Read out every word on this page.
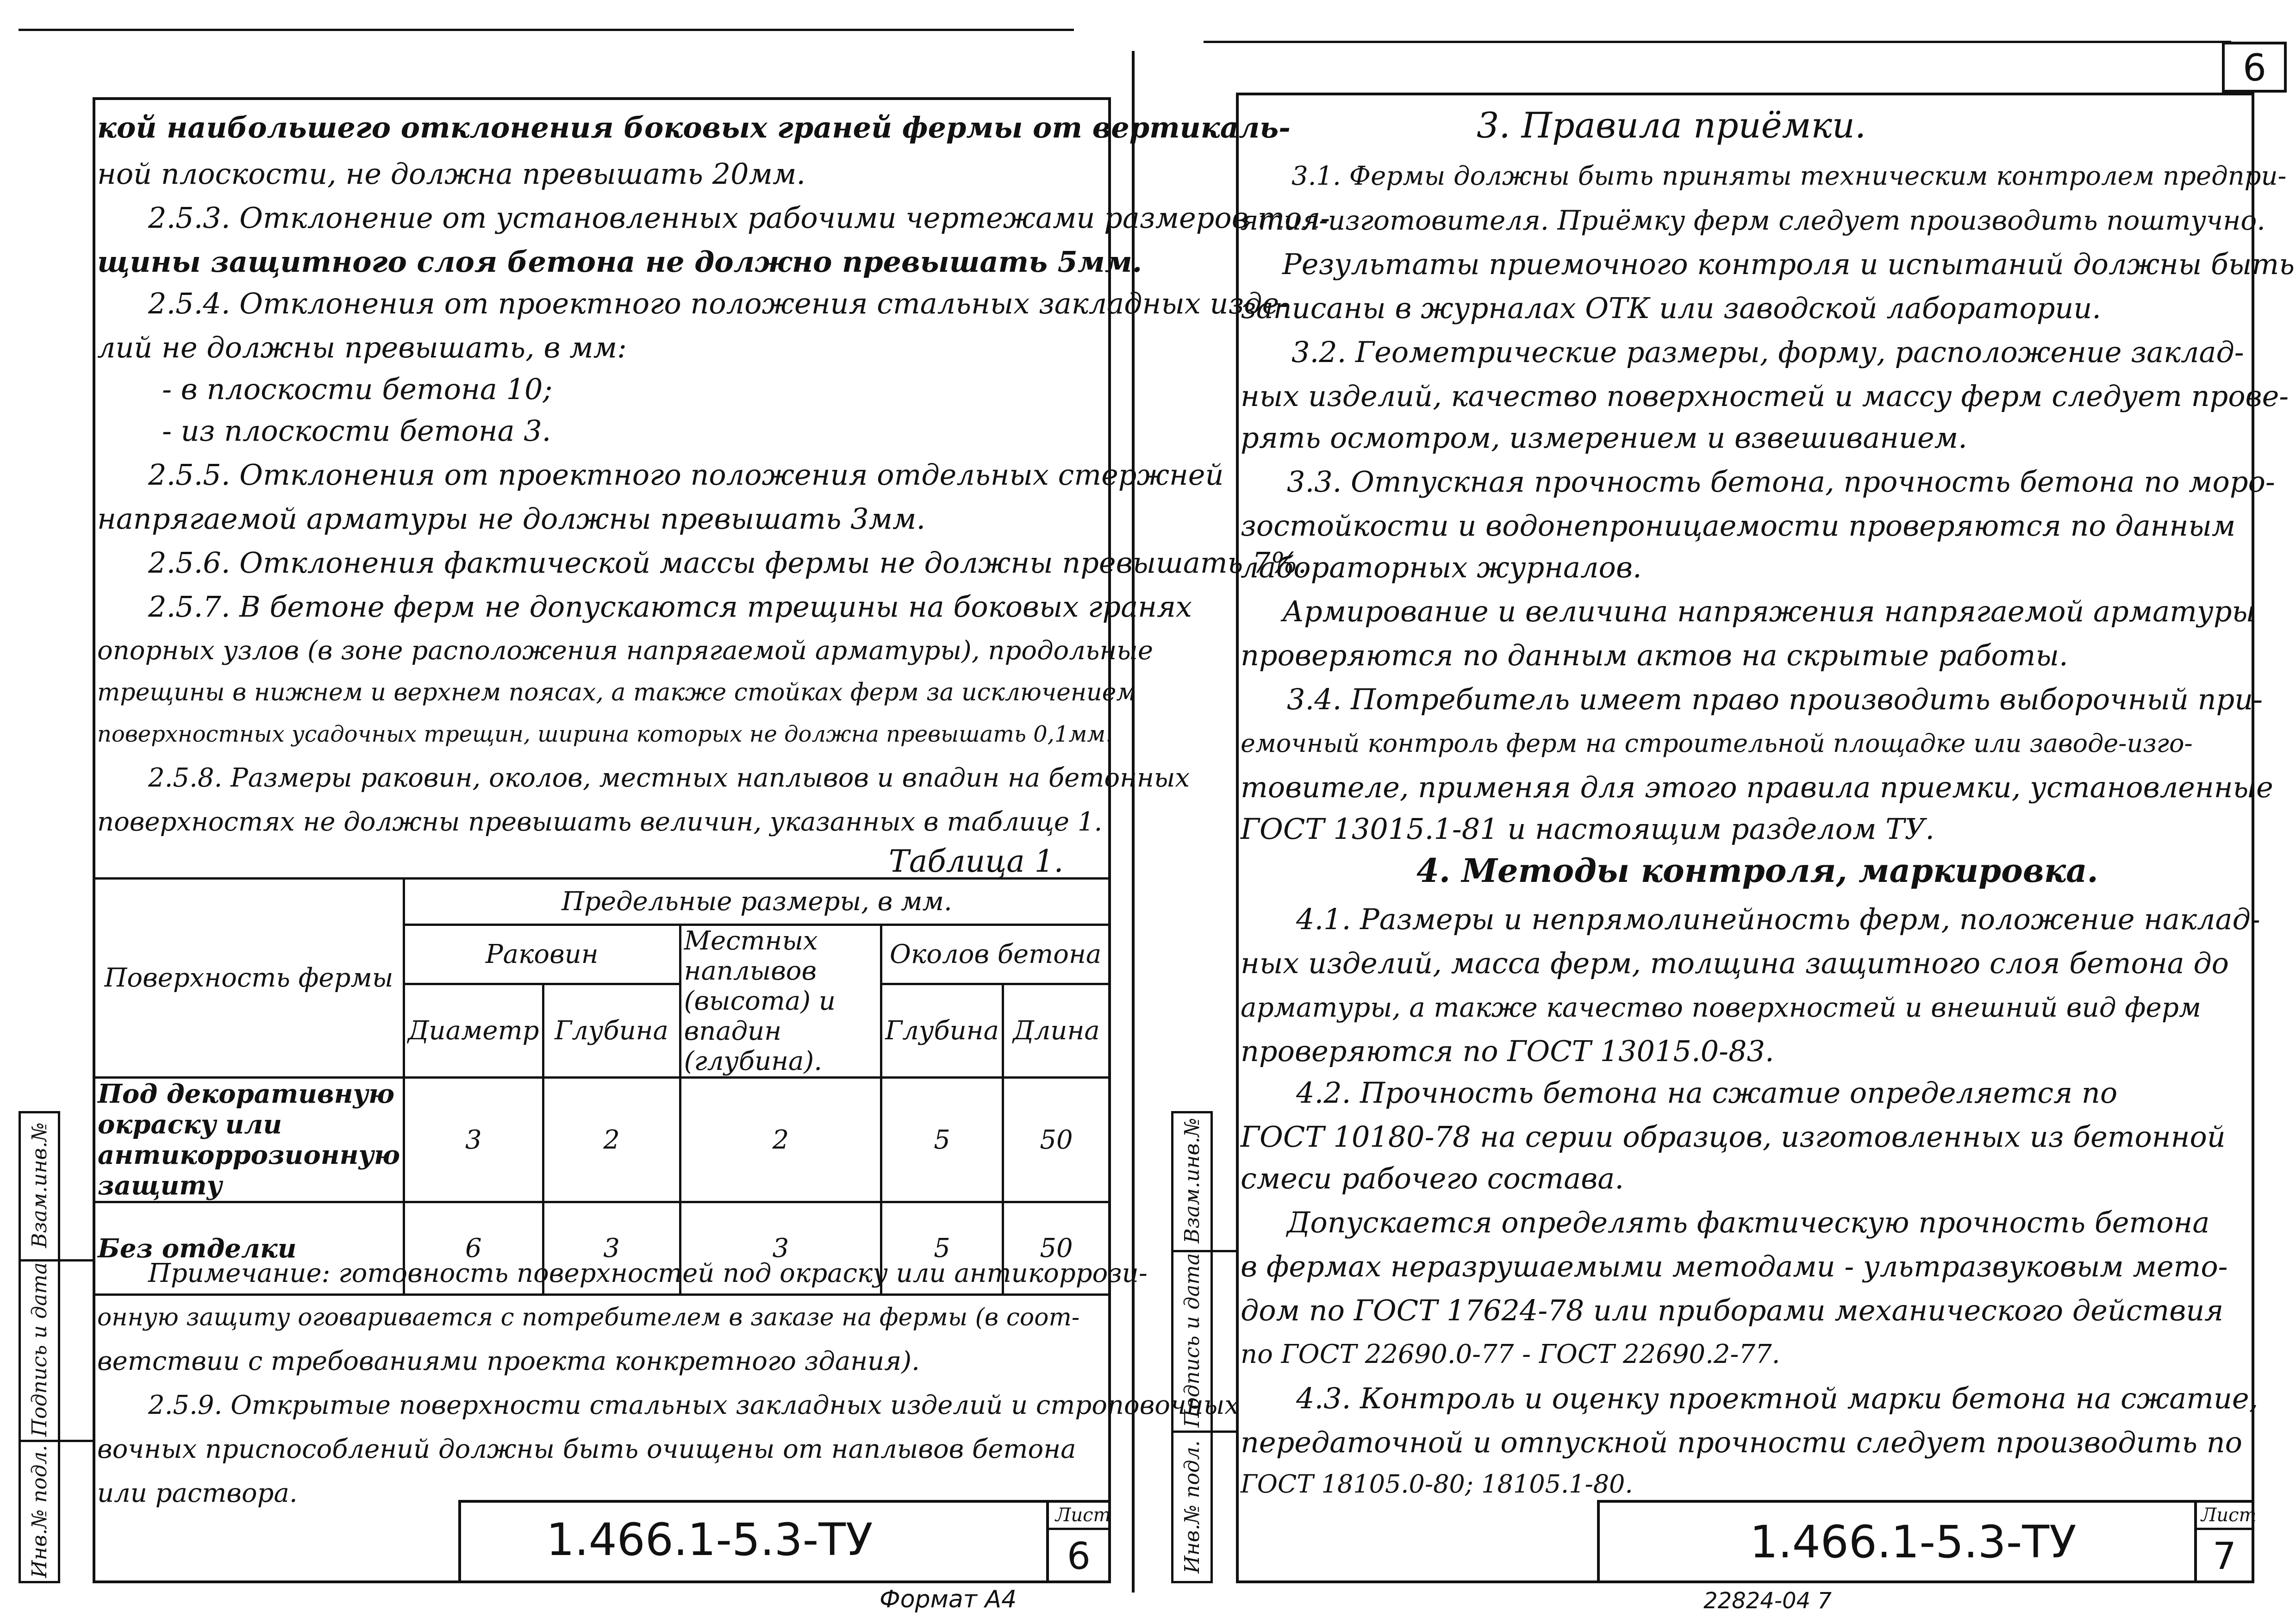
кой наибольшего отклонения боковых граней фермы от вертикаль-
ной плоскости, не должна превышать 20мм.
2.5.3. Отклонение от установленных рабочими чертежами размеров тол-
щины защитного слоя бетона не должно превышать 5мм.
2.5.4. Отклонения от проектного положения стальных закладных изде-
лий не должны превышать, в мм:
- в плоскости бетона 10;
- из плоскости бетона 3.
2.5.5. Отклонения от проектного положения отдельных стержней
напрягаемой арматуры не должны превышать 3мм.
2.5.6. Отклонения фактической массы фермы не должны превышать 7%.
2.5.7. В бетоне ферм не допускаются трещины на боковых гранях
опорных узлов (в зоне расположения напрягаемой арматуры), продольные
трещины в нижнем и верхнем поясах, а также стойках ферм за исключением
поверхностных усадочных трещин, ширина которых не должна превышать 0,1мм.
2.5.8. Размеры раковин, околов, местных наплывов и впадин на бетонных
поверхностях не должны превышать величин, указанных в таблице 1.
Таблица 1.
Поверхность фермы	Предельные размеры, в мм.				
	Раковин		Местных наплывов (высота) и впадин (глубина).	Околов бетона	
	Диаметр	Глубина		Глубина	Длина
Под декоративную окраску или антикоррозионную защиту	3	2	2	5	50
Без отделки	6	3	3	5	50
Примечание: готовность поверхностей под окраску или антикоррози-
онную защиту оговаривается с потребителем в заказе на фермы (в соот-
ветствии с требованиями проекта конкретного здания).
2.5.9. Открытые поверхности стальных закладных изделий и строповочных
вочных приспособлений должны быть очищены от наплывов бетона
или раствора.
Взам.инв.№
Подпись и дата
Инв.№ подл.	1.466.1-5.3-ТУ	Лист
6
Формат А4
6
3. Правила приёмки.
3.1. Фермы должны быть приняты техническим контролем предпри-
ятия-изготовителя. Приёмку ферм следует производить поштучно.
Результаты приемочного контроля и испытаний должны быть
записаны в журналах ОТК или заводской лаборатории.
3.2. Геометрические размеры, форму, расположение заклад-
ных изделий, качество поверхностей и массу ферм следует прове-
рять осмотром, измерением и взвешиванием.
3.3. Отпускная прочность бетона, прочность бетона по моро-
зостойкости и водонепроницаемости проверяются по данным
лабораторных журналов.
Армирование и величина напряжения напрягаемой арматуры
проверяются по данным актов на скрытые работы.
3.4. Потребитель имеет право производить выборочный при-
емочный контроль ферм на строительной площадке или заводе-изго-
товителе, применяя для этого правила приемки, установленные
ГОСТ 13015.1-81 и настоящим разделом ТУ.
4. Методы контроля, маркировка.
4.1. Размеры и непрямолинейность ферм, положение наклад-
ных изделий, масса ферм, толщина защитного слоя бетона до
арматуры, а также качество поверхностей и внешний вид ферм
проверяются по ГОСТ 13015.0-83.
4.2. Прочность бетона на сжатие определяется по
ГОСТ 10180-78 на серии образцов, изготовленных из бетонной
смеси рабочего состава.
Допускается определять фактическую прочность бетона
в фермах неразрушаемыми методами - ультразвуковым мето-
дом по ГОСТ 17624-78 или приборами механического действия
по ГОСТ 22690.0-77 - ГОСТ 22690.2-77.
4.3. Контроль и оценку проектной марки бетона на сжатие,
передаточной и отпускной прочности следует производить по
ГОСТ 18105.0-80; 18105.1-80.
Взам.инв.№
Подпись и дата
Инв.№ подл.	1.466.1-5.3-ТУ
Лист
7
22824-04 7
